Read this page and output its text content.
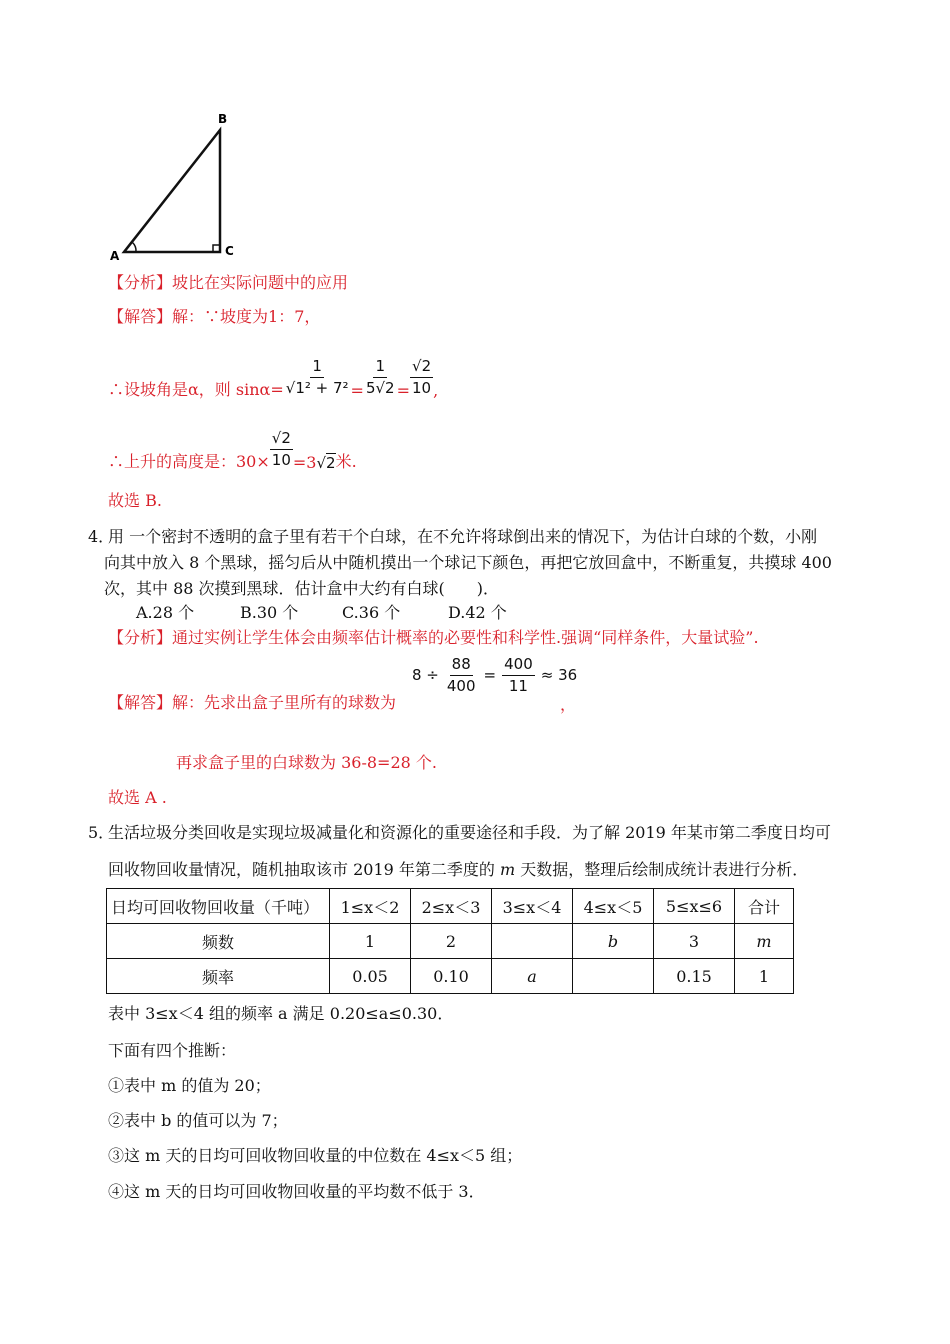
B
A	C
【分析】坡比在实际问题中的应用
【解答】解：∵坡度为1：7，
∴设坡角是α，则 $\sin\alpha= \frac{1}{\text{√1² + 7²}} = \frac{1}{5√2} = \frac{√2}{10}$ ,
∴上升的高度是：$30\times \frac{√2}{10} =3$ √2 米.
故选 B.
4．
用 一个密封不透明的盒子里有若干个白球，在不允许将球倒出来的情况下，为估计白球的个数，小刚
向其中放入 8 个黑球，摇匀后从中随机摸出一个球记下颜色，再把它放回盒中，不断重复，共摸球 400
次，其中 88 次摸到黑球．估计盒中大约有白球(　　)．
A.28 个	B.30 个	C.36 个	D.42 个
【分析】通过实例让学生体会由频率估计概率的必要性和科学性.强调“同样条件，大量试验”.
【解答】解：先求出盒子里所有的球数为
$8 \div \frac{88}{400} = \frac{400}{11} \approx 36$
，
再求盒子里的白球数为 36-8=28 个.
故选 A .
5．
生活垃圾分类回收是实现垃圾减量化和资源化的重要途径和手段．为了解 2019 年某市第二季度日均可
回收物回收量情况，随机抽取该市 2019 年第二季度的 m 天数据，整理后绘制成统计表进行分析．
日均可回收物回收量（千吨）	1≤x＜2	2≤x＜3	3≤x＜4	4≤x＜5	5≤x≤6	合计
频数	1	2		b	3	m
频率	0.05	0.10	a		0.15	1
表中 3≤x＜4 组的频率 a 满足 0.20≤a≤0.30．
下面有四个推断：
①表中 m 的值为 20；
②表中 b 的值可以为 7；
③这 m 天的日均可回收物回收量的中位数在 4≤x＜5 组；
④这 m 天的日均可回收物回收量的平均数不低于 3．
